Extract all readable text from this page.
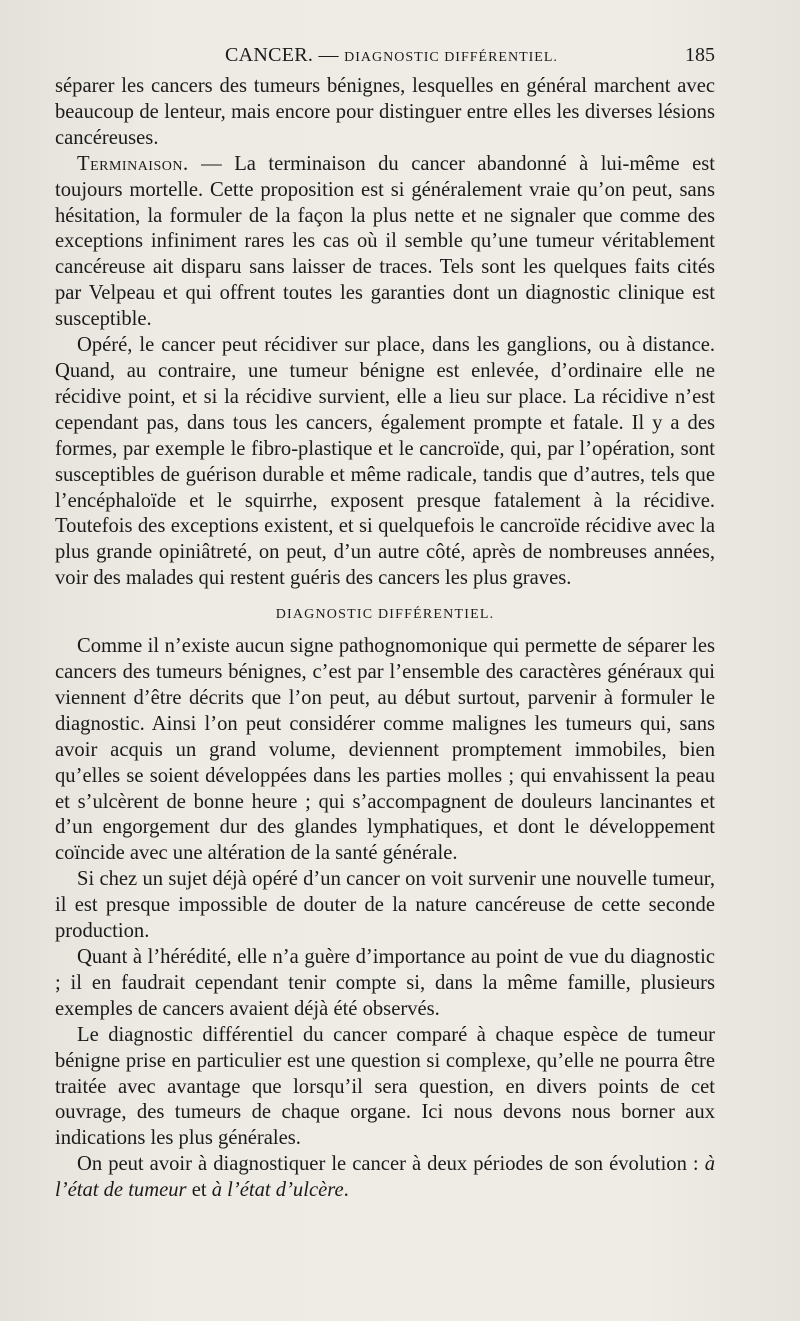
CANCER. — DIAGNOSTIC DIFFÉRENTIEL.	185

séparer les cancers des tumeurs bénignes, lesquelles en général marchent avec beaucoup de lenteur, mais encore pour distinguer entre elles les diverses lésions cancéreuses.

Terminaison. — La terminaison du cancer abandonné à lui-même est toujours mortelle. Cette proposition est si généralement vraie qu’on peut, sans hésitation, la formuler de la façon la plus nette et ne signaler que comme des exceptions infiniment rares les cas où il semble qu’une tumeur véritablement cancéreuse ait disparu sans laisser de traces. Tels sont les quelques faits cités par Velpeau et qui offrent toutes les garanties dont un diagnostic clinique est susceptible.

Opéré, le cancer peut récidiver sur place, dans les ganglions, ou à distance. Quand, au contraire, une tumeur bénigne est enlevée, d’ordinaire elle ne récidive point, et si la récidive survient, elle a lieu sur place. La récidive n’est cependant pas, dans tous les cancers, également prompte et fatale. Il y a des formes, par exemple le fibro-plastique et le cancroïde, qui, par l’opération, sont susceptibles de guérison durable et même radicale, tandis que d’autres, tels que l’encéphaloïde et le squirrhe, exposent presque fatalement à la récidive. Toutefois des exceptions existent, et si quelquefois le cancroïde récidive avec la plus grande opiniâtreté, on peut, d’un autre côté, après de nombreuses années, voir des malades qui restent guéris des cancers les plus graves.

DIAGNOSTIC DIFFÉRENTIEL.

Comme il n’existe aucun signe pathognomonique qui permette de séparer les cancers des tumeurs bénignes, c’est par l’ensemble des caractères généraux qui viennent d’être décrits que l’on peut, au début surtout, parvenir à formuler le diagnostic. Ainsi l’on peut considérer comme malignes les tumeurs qui, sans avoir acquis un grand volume, deviennent promptement immobiles, bien qu’elles se soient développées dans les parties molles ; qui envahissent la peau et s’ulcèrent de bonne heure ; qui s’accompagnent de douleurs lancinantes et d’un engorgement dur des glandes lymphatiques, et dont le développement coïncide avec une altération de la santé générale.

Si chez un sujet déjà opéré d’un cancer on voit survenir une nouvelle tumeur, il est presque impossible de douter de la nature cancéreuse de cette seconde production.

Quant à l’hérédité, elle n’a guère d’importance au point de vue du diagnostic ; il en faudrait cependant tenir compte si, dans la même famille, plusieurs exemples de cancers avaient déjà été observés.

Le diagnostic différentiel du cancer comparé à chaque espèce de tumeur bénigne prise en particulier est une question si complexe, qu’elle ne pourra être traitée avec avantage que lorsqu’il sera question, en divers points de cet ouvrage, des tumeurs de chaque organe. Ici nous devons nous borner aux indications les plus générales.

On peut avoir à diagnostiquer le cancer à deux périodes de son évolution : à l’état de tumeur et à l’état d’ulcère.
